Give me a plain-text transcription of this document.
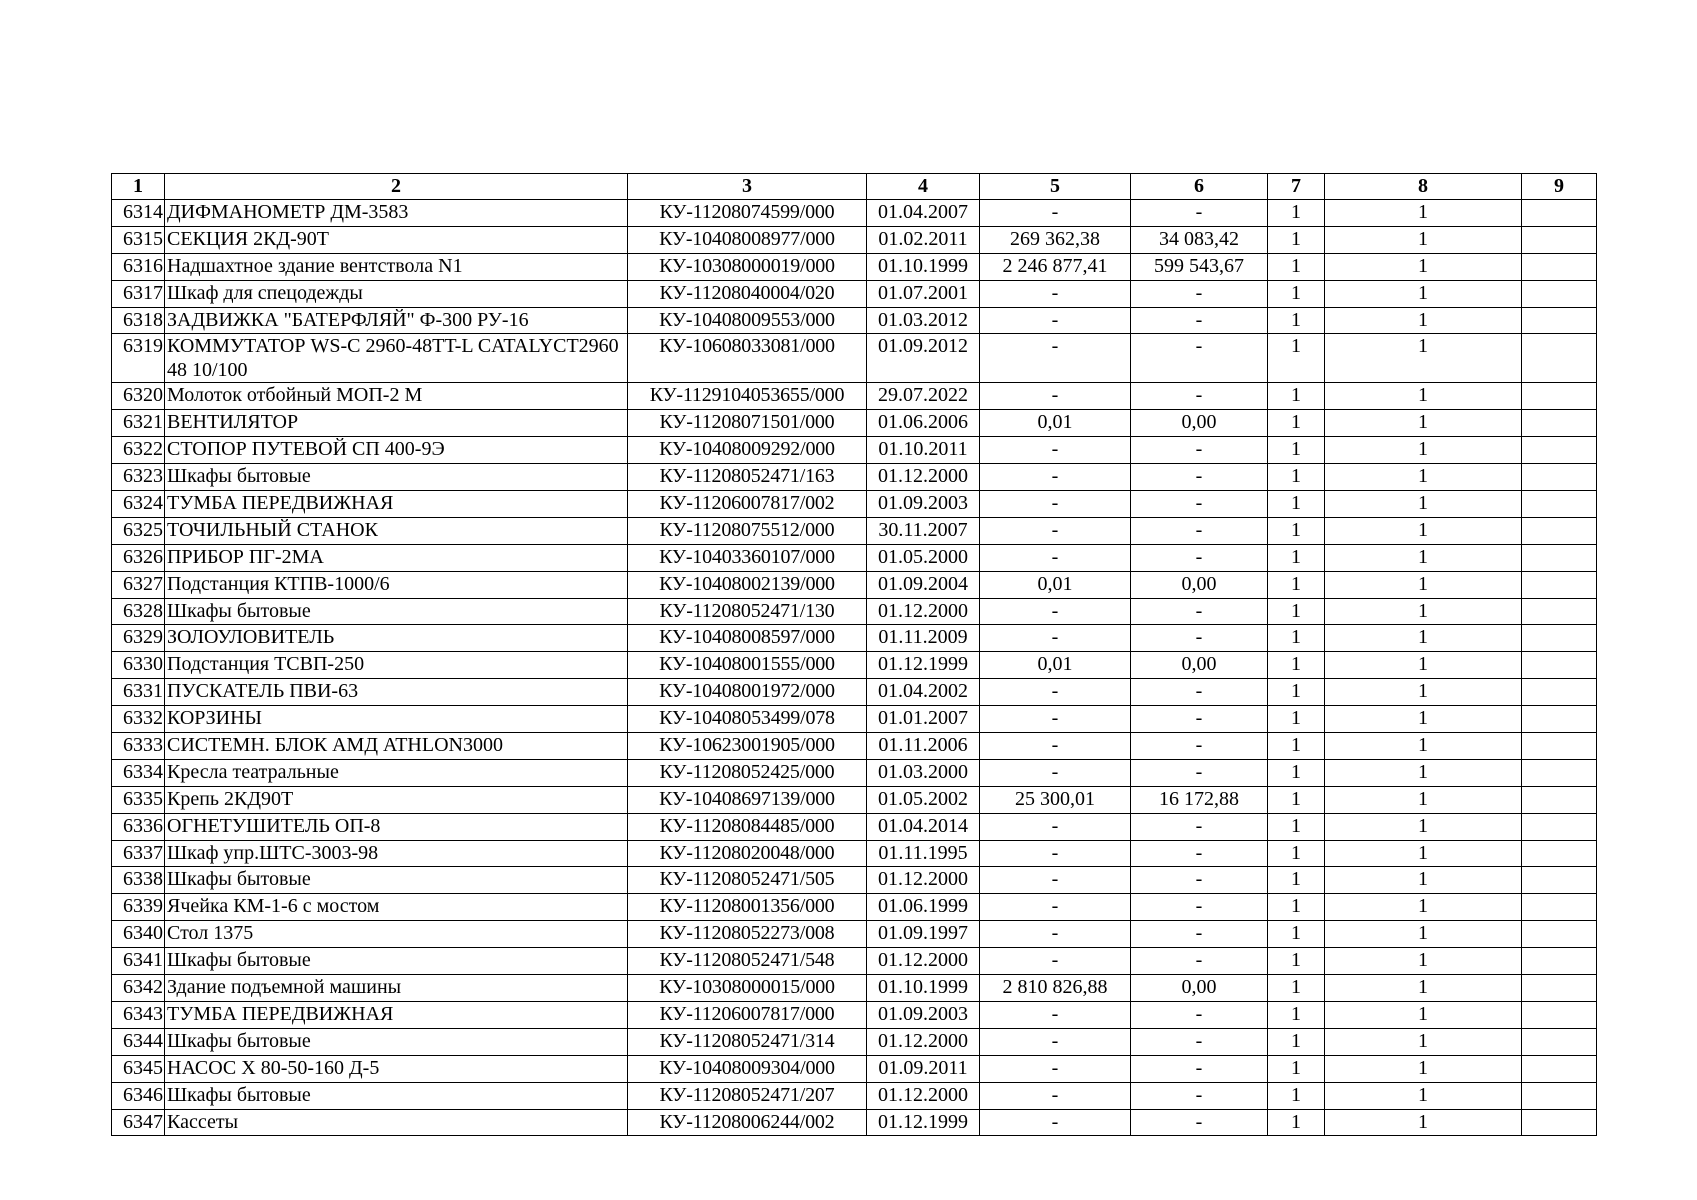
1	2	3	4	5	6	7	8	9
6314	ДИФМАНОМЕТР ДМ-3583	КУ-11208074599/000	01.04.2007	-	-	1	1	
6315	СЕКЦИЯ 2КД-90Т	КУ-10408008977/000	01.02.2011	269 362,38	34 083,42	1	1	
6316	Надшахтное здание вентствола N1	КУ-10308000019/000	01.10.1999	2 246 877,41	599 543,67	1	1	
6317	Шкаф для спецодежды	КУ-11208040004/020	01.07.2001	-	-	1	1	
6318	ЗАДВИЖКА "БАТЕРФЛЯЙ" Ф-300 РУ-16	КУ-10408009553/000	01.03.2012	-	-	1	1	
6319	КОММУТАТОР WS-C 2960-48TT-L CATALYCT2960 48 10/100	КУ-10608033081/000	01.09.2012	-	-	1	1	
6320	Молоток отбойный МОП-2 М	КУ-1129104053655/000	29.07.2022	-	-	1	1	
6321	ВЕНТИЛЯТОР	КУ-11208071501/000	01.06.2006	0,01	0,00	1	1	
6322	СТОПОР ПУТЕВОЙ СП 400-9Э	КУ-10408009292/000	01.10.2011	-	-	1	1	
6323	Шкафы бытовые	КУ-11208052471/163	01.12.2000	-	-	1	1	
6324	ТУМБА ПЕРЕДВИЖНАЯ	КУ-11206007817/002	01.09.2003	-	-	1	1	
6325	ТОЧИЛЬНЫЙ СТАНОК	КУ-11208075512/000	30.11.2007	-	-	1	1	
6326	ПРИБОР ПГ-2МА	КУ-10403360107/000	01.05.2000	-	-	1	1	
6327	Подстанция КТПВ-1000/6	КУ-10408002139/000	01.09.2004	0,01	0,00	1	1	
6328	Шкафы бытовые	КУ-11208052471/130	01.12.2000	-	-	1	1	
6329	ЗОЛОУЛОВИТЕЛЬ	КУ-10408008597/000	01.11.2009	-	-	1	1	
6330	Подстанция ТСВП-250	КУ-10408001555/000	01.12.1999	0,01	0,00	1	1	
6331	ПУСКАТЕЛЬ ПВИ-63	КУ-10408001972/000	01.04.2002	-	-	1	1	
6332	КОРЗИНЫ	КУ-10408053499/078	01.01.2007	-	-	1	1	
6333	СИСТЕМН. БЛОК АМД ATHLON3000	КУ-10623001905/000	01.11.2006	-	-	1	1	
6334	Кресла театральные	КУ-11208052425/000	01.03.2000	-	-	1	1	
6335	Крепь 2КД90Т	КУ-10408697139/000	01.05.2002	25 300,01	16 172,88	1	1	
6336	ОГНЕТУШИТЕЛЬ ОП-8	КУ-11208084485/000	01.04.2014	-	-	1	1	
6337	Шкаф упр.ШТС-3003-98	КУ-11208020048/000	01.11.1995	-	-	1	1	
6338	Шкафы бытовые	КУ-11208052471/505	01.12.2000	-	-	1	1	
6339	Ячейка КМ-1-6 с мостом	КУ-11208001356/000	01.06.1999	-	-	1	1	
6340	Стол 1375	КУ-11208052273/008	01.09.1997	-	-	1	1	
6341	Шкафы бытовые	КУ-11208052471/548	01.12.2000	-	-	1	1	
6342	Здание подъемной машины	КУ-10308000015/000	01.10.1999	2 810 826,88	0,00	1	1	
6343	ТУМБА ПЕРЕДВИЖНАЯ	КУ-11206007817/000	01.09.2003	-	-	1	1	
6344	Шкафы бытовые	КУ-11208052471/314	01.12.2000	-	-	1	1	
6345	НАСОС Х 80-50-160 Д-5	КУ-10408009304/000	01.09.2011	-	-	1	1	
6346	Шкафы бытовые	КУ-11208052471/207	01.12.2000	-	-	1	1	
6347	Кассеты	КУ-11208006244/002	01.12.1999	-	-	1	1	
